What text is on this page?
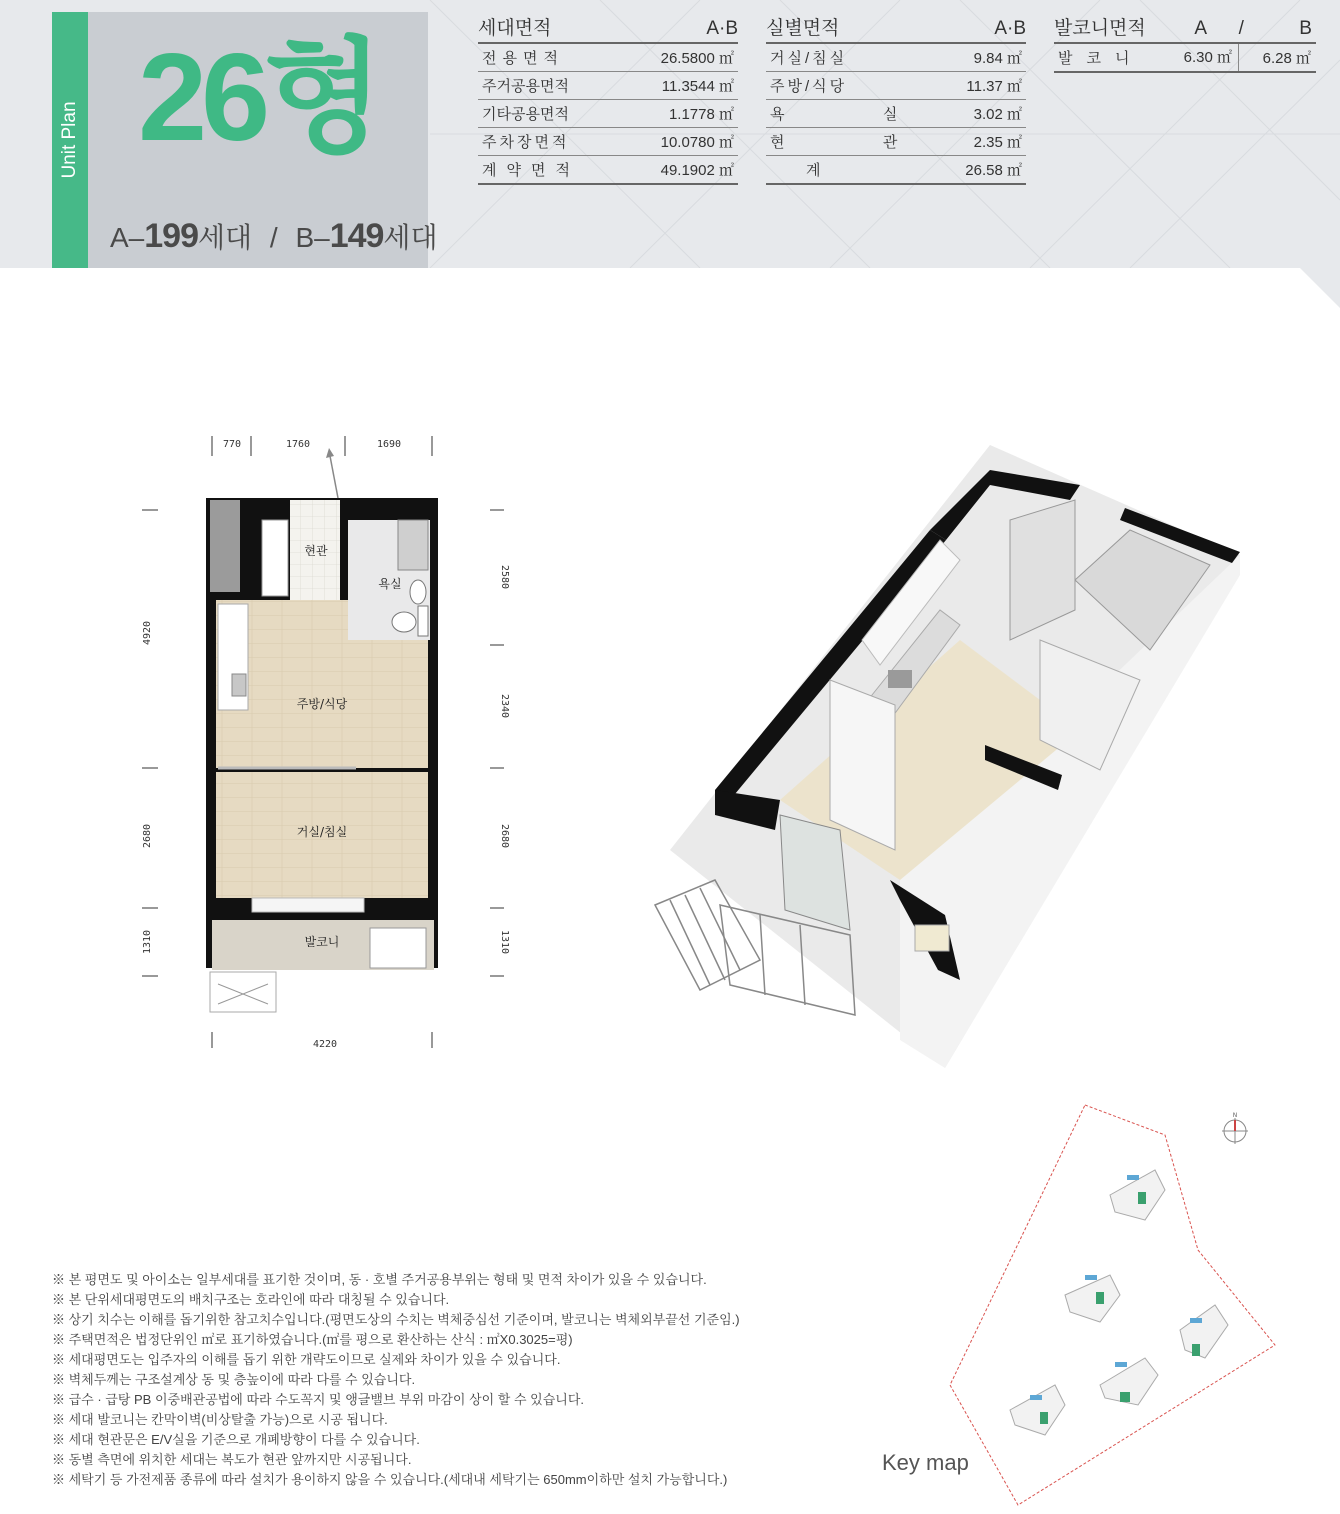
Unit Plan 26형
A–199세대 / B–149세대
세대면적	A·B
전용면적	26.5800 ㎡
주거공용면적	11.3544 ㎡
기타공용면적	1.1778 ㎡
주차장면적	10.0780 ㎡
계약면적	49.1902 ㎡
실별면적	A·B
거실/침실	9.84 ㎡
주방/식당	11.37 ㎡
욕  실	3.02 ㎡
현  관	2.35 ㎡
계	26.58 ㎡
발코니면적	A	/	B
발코니	6.30 ㎡	6.28 ㎡
770	1760	1690
4220
4920
2680
1310
2580
2340
2680
1310
현관
욕실
주방/식당
거실/침실
발코니
※ 본 평면도 및 아이소는 일부세대를 표기한 것이며, 동 · 호별 주거공용부위는 형태 및 면적 차이가 있을 수 있습니다.
※ 본 단위세대평면도의 배치구조는 호라인에 따라 대칭될 수 있습니다.
※ 상기 치수는 이해를 돕기위한 참고치수입니다.(평면도상의 수치는 벽체중심선 기준이며, 발코니는 벽체외부끝선 기준임.)
※ 주택면적은 법정단위인 ㎡로 표기하였습니다.(㎡를 평으로 환산하는 산식 : ㎡X0.3025=평)
※ 세대평면도는 입주자의 이해를 돕기 위한 개략도이므로 실제와 차이가 있을 수 있습니다.
※ 벽체두께는 구조설계상 동 및 층높이에 따라 다를 수 있습니다.
※ 급수 · 급탕 PB 이중배관공법에 따라 수도꼭지 및 앵글밸브 부위 마감이 상이 할 수 있습니다.
※ 세대 발코니는 칸막이벽(비상탈출 가능)으로 시공 됩니다.
※ 세대 현관문은 E/V실을 기준으로 개폐방향이 다를 수 있습니다.
※ 동별 측면에 위치한 세대는 복도가 현관 앞까지만 시공됩니다.
※ 세탁기 등 가전제품 종류에 따라 설치가 용이하지 않을 수 있습니다.(세대내 세탁기는 650mm이하만 설치 가능합니다.)
N
Key map
